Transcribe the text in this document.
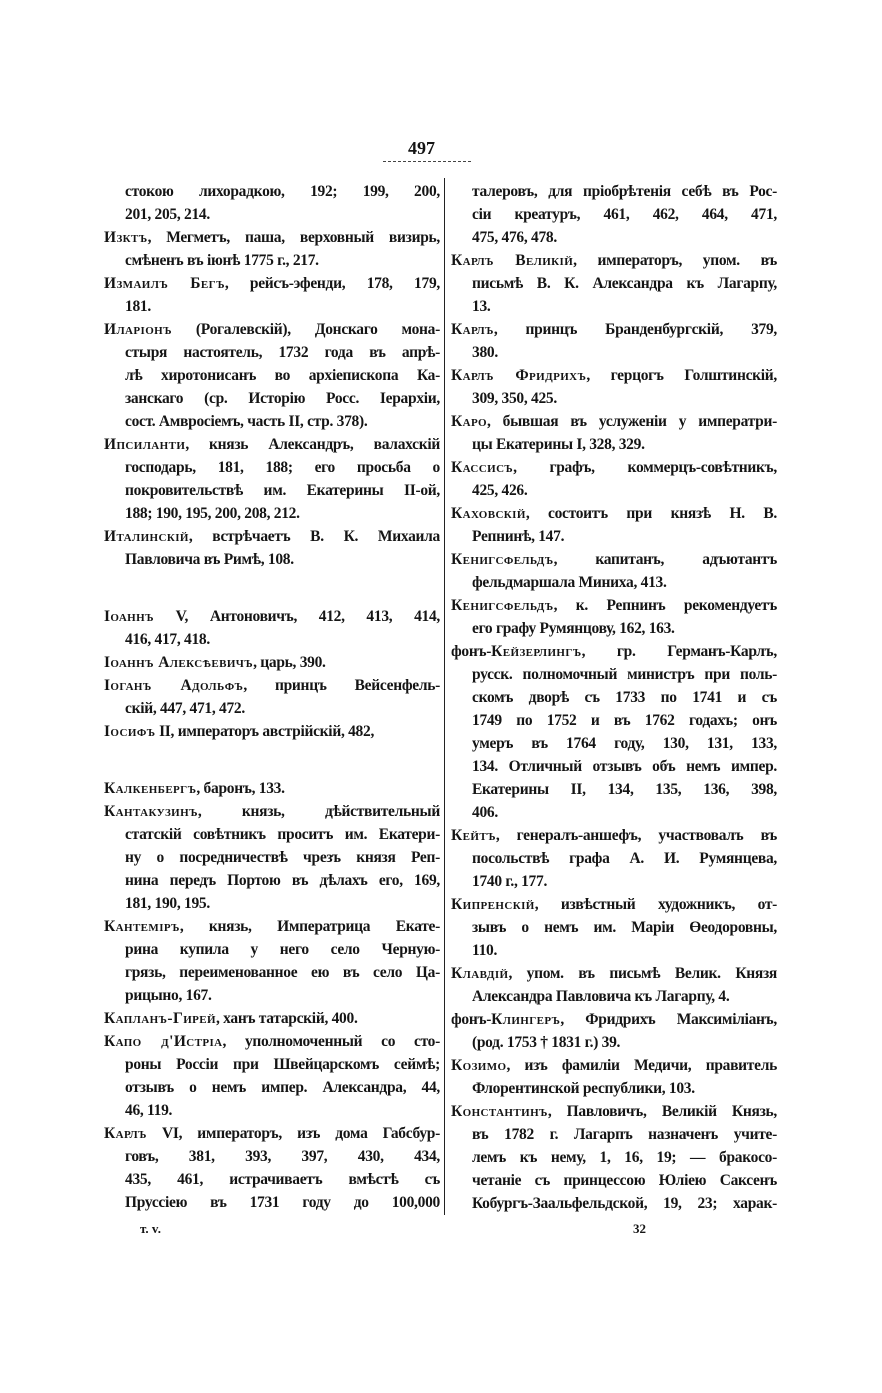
497
стокою лихорадкою, 192; 199, 200,
201, 205, 214.
Изктъ, Мегметъ, паша, верховный визирь,
смѣненъ въ іюнѣ 1775 г., 217.
Измаилъ Бегъ, рейсъ-эфенди, 178, 179,
181.
Иларіонъ (Рогалевскій), Донскаго мона-
стыря настоятель, 1732 года въ апрѣ-
лѣ хиротонисанъ во архіепископа Ка-
занскаго (ср. Исторію Росс. Іерархіи,
сост. Амвросіемъ, часть II, стр. 378).
Ипсиланти, князь Александръ, валахскій
господарь, 181, 188; его просьба о
покровительствѣ им. Екатерины II-ой,
188; 190, 195, 200, 208, 212.
Италинскій, встрѣчаетъ В. К. Михаила
Павловича въ Римѣ, 108.
Іоаннъ V, Антоновичъ, 412, 413, 414,
416, 417, 418.
Іоаннъ Алексѣевичъ, царь, 390.
Іоганъ Адольфъ, принцъ Вейсенфель-
скій, 447, 471, 472.
Іосифъ II, императоръ австрійскій, 482,
Калкенбергъ, баронъ, 133.
Кантакузинъ, князь, дѣйствительный
статскій совѣтникъ проситъ им. Екатери-
ну о посредничествѣ чрезъ князя Реп-
нина передъ Портою въ дѣлахъ его, 169,
181, 190, 195.
Кантеміръ, князь, Императрица Екате-
рина купила у него село Черную-
грязь, переименованное ею въ село Ца-
рицыно, 167.
Капланъ-Гирей, ханъ татарскій, 400.
Капо д'Истріа, уполномоченный со сто-
роны Россіи при Швейцарскомъ сеймѣ;
отзывъ о немъ импер. Александра, 44,
46, 119.
Карлъ VI, императоръ, изъ дома Габсбур-
говъ, 381, 393, 397, 430, 434,
435, 461, истрачиваетъ вмѣстѣ съ
Пруссіею въ 1731 году до 100,000
талеровъ, для пріобрѣтенія себѣ въ Рос-
сіи креатуръ, 461, 462, 464, 471,
475, 476, 478.
Карлъ Великій, императоръ, упом. въ
письмѣ В. К. Александра къ Лагарпу,
13.
Карлъ, принцъ Бранденбургскій, 379,
380.
Карлъ Фридрихъ, герцогъ Голштинскій,
309, 350, 425.
Каро, бывшая въ услуженіи у императри-
цы Екатерины I, 328, 329.
Кассисъ, графъ, коммерцъ-совѣтникъ,
425, 426.
Каховскій, состоитъ при князѣ Н. В.
Репнинѣ, 147.
Кенигсфельдъ, капитанъ, адъютантъ
фельдмаршала Миниха, 413.
Кенигсфельдъ, к. Репнинъ рекомендуетъ
его графу Румянцову, 162, 163.
фонъ-Кейзерлингъ, гр. Германъ-Карлъ,
русск. полномочный министръ при поль-
скомъ дворѣ съ 1733 по 1741 и съ
1749 по 1752 и въ 1762 годахъ; онъ
умеръ въ 1764 году, 130, 131, 133,
134. Отличный отзывъ объ немъ импер.
Екатерины II, 134, 135, 136, 398,
406.
Кейтъ, генералъ-аншефъ, участвовалъ въ
посольствѣ графа А. И. Румянцева,
1740 г., 177.
Кипренскій, извѣстный художникъ, от-
зывъ о немъ им. Маріи Өеодоровны,
110.
Клавдій, упом. въ письмѣ Велик. Князя
Александра Павловича къ Лагарпу, 4.
фонъ-Клингеръ, Фридрихъ Максиміліанъ,
(род. 1753 † 1831 г.) 39.
Козимо, изъ фамиліи Медичи, правитель
Флорентинской республики, 103.
Константинъ, Павловичъ, Великій Князь,
въ 1782 г. Лагарпъ назначенъ учите-
лемъ къ нему, 1, 16, 19; — бракосо-
четаніе съ принцессою Юліею Саксенъ
Кобургъ-Заальфельдской, 19, 23; харак-
т. v.	32
